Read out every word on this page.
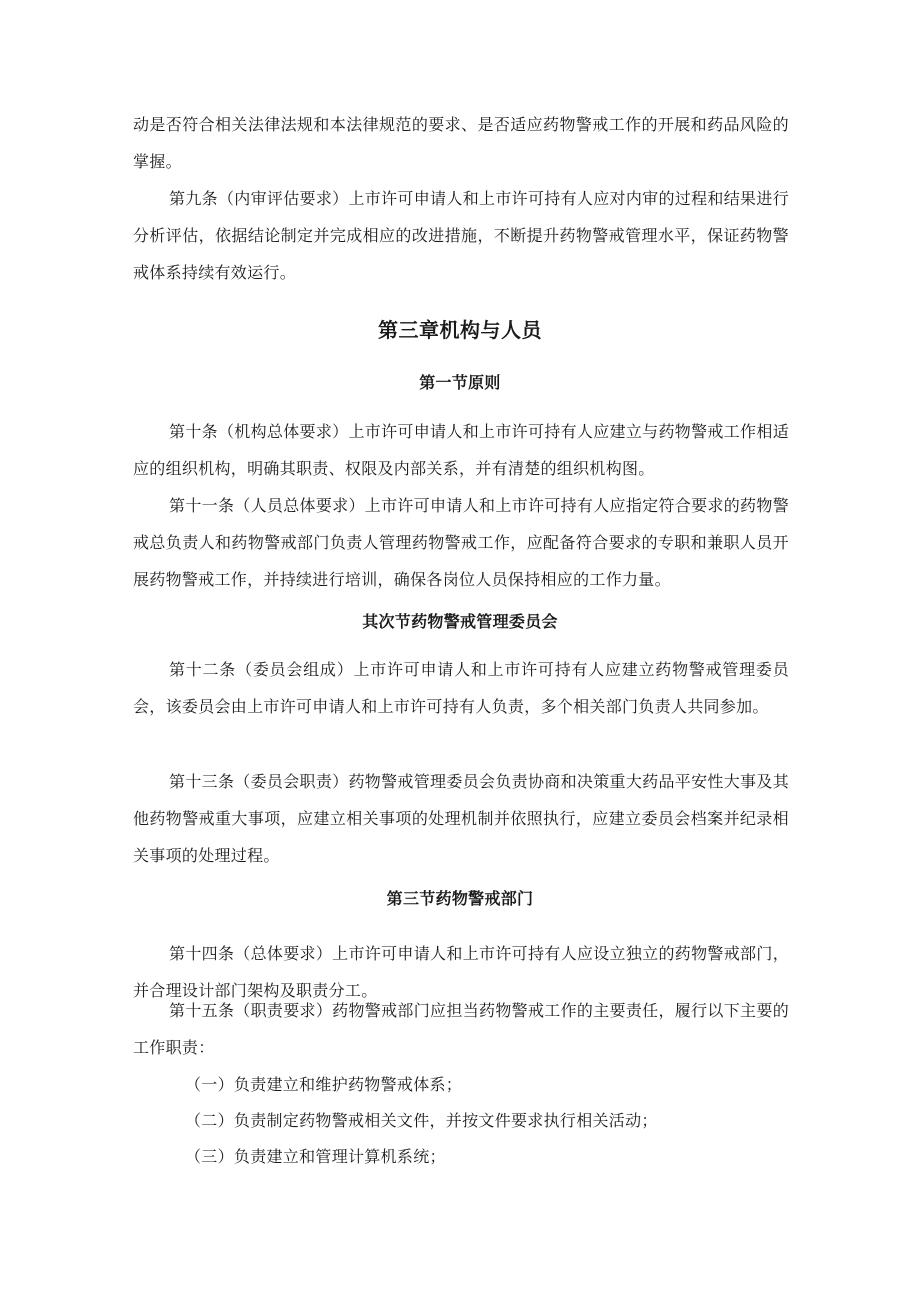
动是否符合相关法律法规和本法律规范的要求、是否适应药物警戒工作的开展和药品风险的掌握。

第九条（内审评估要求）上市许可申请人和上市许可持有人应对内审的过程和结果进行分析评估，依据结论制定并完成相应的改进措施，不断提升药物警戒管理水平，保证药物警戒体系持续有效运行。

第三章机构与人员
第一节原则

第十条（机构总体要求）上市许可申请人和上市许可持有人应建立与药物警戒工作相适应的组织机构，明确其职责、权限及内部关系，并有清楚的组织机构图。

第十一条（人员总体要求）上市许可申请人和上市许可持有人应指定符合要求的药物警戒总负责人和药物警戒部门负责人管理药物警戒工作，应配备符合要求的专职和兼职人员开展药物警戒工作，并持续进行培训，确保各岗位人员保持相应的工作力量。

其次节药物警戒管理委员会

第十二条（委员会组成）上市许可申请人和上市许可持有人应建立药物警戒管理委员会，该委员会由上市许可申请人和上市许可持有人负责，多个相关部门负责人共同参加。

第十三条（委员会职责）药物警戒管理委员会负责协商和决策重大药品平安性大事及其他药物警戒重大事项，应建立相关事项的处理机制并依照执行，应建立委员会档案并纪录相关事项的处理过程。

第三节药物警戒部门

第十四条（总体要求）上市许可申请人和上市许可持有人应设立独立的药物警戒部门，并合理设计部门架构及职责分工。

第十五条（职责要求）药物警戒部门应担当药物警戒工作的主要责任，履行以下主要的工作职责：

（一）负责建立和维护药物警戒体系；

（二）负责制定药物警戒相关文件，并按文件要求执行相关活动；

（三）负责建立和管理计算机系统；
